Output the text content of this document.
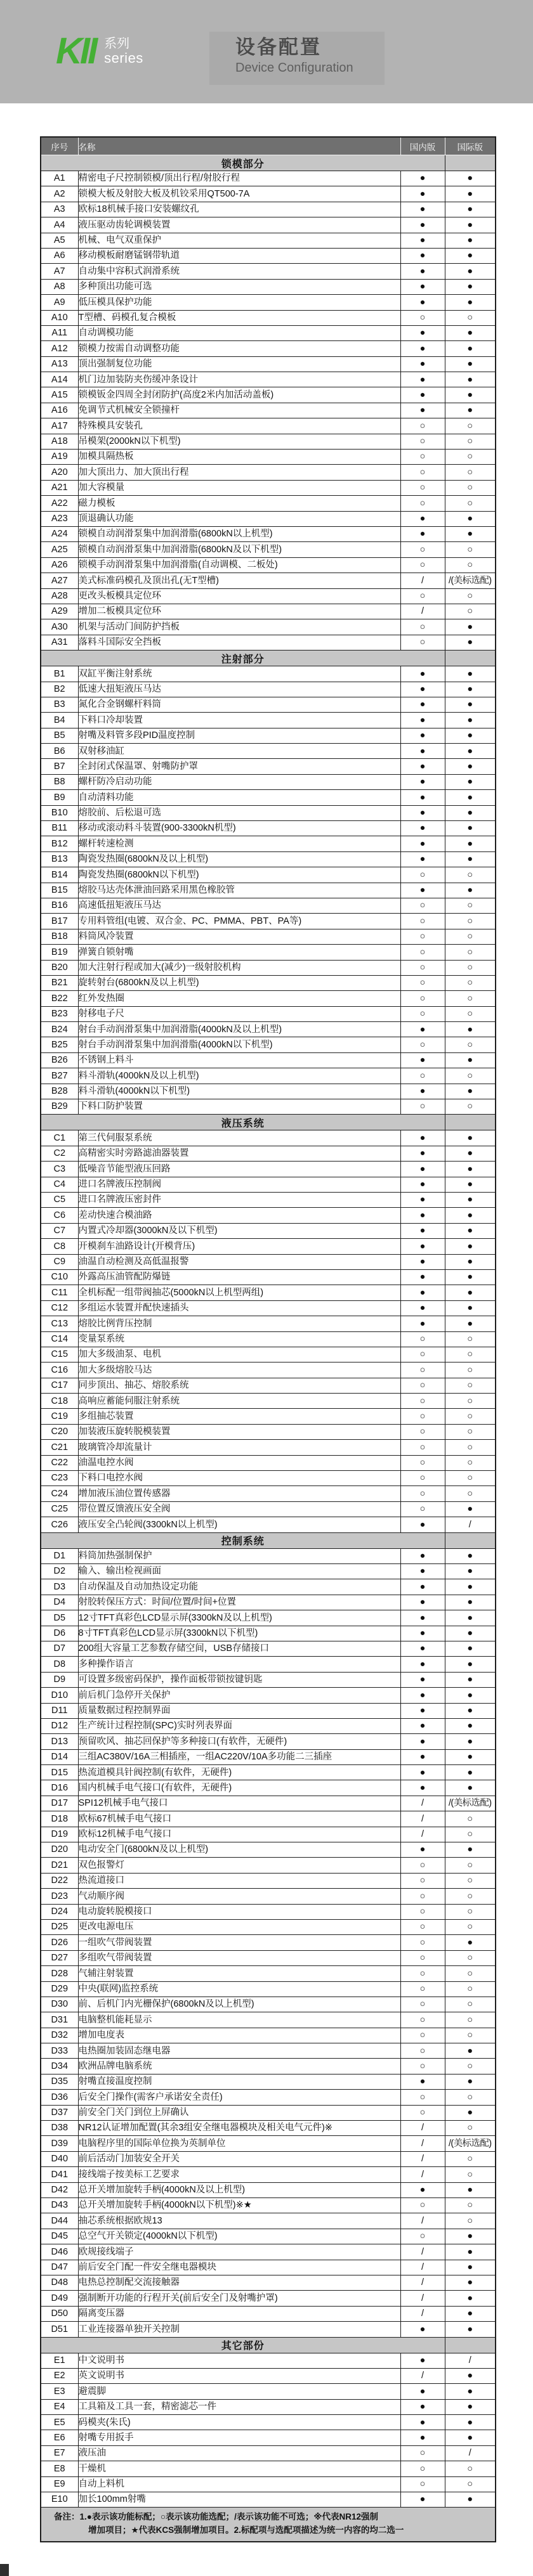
KII 系列
series	设备配置
Device Configuration
序号	名称	国内版	国际版
锁模部分			
A1	精密电子尺控制锁模/顶出行程/射胶行程	●	●
A2	锁模大板及射胶大板及机铰采用QT500-7A	●	●
A3	欧标18机械手接口安装螺纹孔	●	●
A4	液压驱动齿轮调模装置	●	●
A5	机械、电气双重保护	●	●
A6	移动模板耐磨锰钢带轨道	●	●
A7	自动集中容积式润滑系统	●	●
A8	多种顶出功能可选	●	●
A9	低压模具保护功能	●	●
A10	T型槽、码模孔复合模板	○	○
A11	自动调模功能	●	●
A12	锁模力按需自动调整功能	●	●
A13	顶出强制复位功能	●	●
A14	机门边加装防夹伤缓冲条设计	●	●
A15	锁模钣金四周全封闭防护(高度2米内加活动盖板)	●	●
A16	免调节式机械安全锁撞杆	●	●
A17	特殊模具安装孔	○	○
A18	吊模架(2000kN以下机型)	○	○
A19	加模具隔热板	○	○
A20	加大顶出力、加大顶出行程	○	○
A21	加大容模量	○	○
A22	磁力模板	○	○
A23	顶退确认功能	●	●
A24	锁模自动润滑泵集中加润滑脂(6800kN以上机型)	●	●
A25	锁模自动润滑泵集中加润滑脂(6800kN及以下机型)	○	○
A26	锁模手动润滑泵集中加润滑脂(自动调模、二板处)	○	○
A27	美式标准码模孔及顶出孔(无T型槽)	/	/(美标选配)
A28	更改头板模具定位环	○	○
A29	增加二板模具定位环	/	○
A30	机架与活动门间防护挡板	○	●
A31	落料斗国际安全挡板	○	●
注射部分			
B1	双缸平衡注射系统	●	●
B2	低速大扭矩液压马达	●	●
B3	氮化合金钢螺杆料筒	●	●
B4	下料口冷却装置	●	●
B5	射嘴及料管多段PID温度控制	●	●
B6	双射移油缸	●	●
B7	全封闭式保温罩、射嘴防护罩	●	●
B8	螺杆防冷启动功能	●	●
B9	自动清料功能	●	●
B10	熔胶前、后松退可选	●	●
B11	移动或滚动料斗装置(900-3300kN机型)	●	●
B12	螺杆转速检测	●	●
B13	陶瓷发热圈(6800kN及以上机型)	●	●
B14	陶瓷发热圈(6800kN以下机型)	○	○
B15	熔胶马达壳体泄油回路采用黑色橡胶管	●	●
B16	高速低扭矩液压马达	○	○
B17	专用料管组(电镀、双合金、PC、PMMA、PBT、PA等)	○	○
B18	料筒风冷装置	○	○
B19	弹簧自锁射嘴	○	○
B20	加大注射行程或加大(减少)一级射胶机构	○	○
B21	旋转射台(6800kN及以上机型)	○	○
B22	红外发热圈	○	○
B23	射移电子尺	○	○
B24	射台手动润滑泵集中加润滑脂(4000kN及以上机型)	●	●
B25	射台手动润滑泵集中加润滑脂(4000kN以下机型)	○	○
B26	不锈钢上料斗	●	●
B27	料斗滑轨(4000kN及以上机型)	○	○
B28	料斗滑轨(4000kN以下机型)	●	●
B29	下料口防护装置	○	○
液压系统			
C1	第三代伺服泵系统	●	●
C2	高精密实时旁路滤油器装置	●	●
C3	低噪音节能型液压回路	●	●
C4	进口名牌液压控制阀	●	●
C5	进口名牌液压密封件	●	●
C6	差动快速合模油路	●	●
C7	内置式冷却器(3000kN及以下机型)	●	●
C8	开模刹车油路设计(开模背压)	●	●
C9	油温自动检测及高低温报警	●	●
C10	外露高压油管配防爆链	●	●
C11	全机标配一组带阀抽芯(5000kN以上机型两组)	●	●
C12	多组运水装置并配快速插头	●	●
C13	熔胶比例背压控制	●	●
C14	变量泵系统	○	○
C15	加大多级油泵、电机	○	○
C16	加大多级熔胶马达	○	○
C17	同步顶出、抽芯、熔胶系统	○	○
C18	高响应蓄能伺服注射系统	○	○
C19	多组抽芯装置	○	○
C20	加装液压旋转脱模装置	○	○
C21	玻璃管冷却流量计	○	○
C22	油温电控水阀	○	○
C23	下料口电控水阀	○	○
C24	增加液压油位置传感器	○	○
C25	带位置反馈液压安全阀	○	●
C26	液压安全凸轮阀(3300kN以上机型)	●	/
控制系统			
D1	料筒加热强制保护	●	●
D2	输入、输出检视画面	●	●
D3	自动保温及自动加热设定功能	●	●
D4	射胶转保压方式：时间/位置/时间+位置	●	●
D5	12寸TFT真彩色LCD显示屏(3300kN及以上机型)	●	●
D6	8寸TFT真彩色LCD显示屏(3300kN以下机型)	●	●
D7	200组大容量工艺参数存储空间，USB存储接口	●	●
D8	多种操作语言	●	●
D9	可设置多级密码保护，操作面板带锁按键钥匙	●	●
D10	前后机门急停开关保护	●	●
D11	质量数据过程控制界面	●	●
D12	生产统计过程控制(SPC)实时列表界面	●	●
D13	预留吹风、抽芯回保护等多种接口(有软件，无硬件)	●	●
D14	三组AC380V/16A三相插座，一组AC220V/10A多功能二三插座	●	●
D15	热流道模具针阀控制(有软件，无硬件)	●	●
D16	国内机械手电气接口(有软件，无硬件)	●	●
D17	SPI12机械手电气接口	/	/(美标选配)
D18	欧标67机械手电气接口	/	○
D19	欧标12机械手电气接口	/	○
D20	电动安全门(6800kN及以上机型)	●	●
D21	双色报警灯	○	○
D22	热流道接口	○	○
D23	气动顺序阀	○	○
D24	电动旋转脱模接口	○	○
D25	更改电源电压	○	○
D26	一组吹气带阀装置	○	●
D27	多组吹气带阀装置	○	○
D28	气辅注射装置	○	○
D29	中央(联网)监控系统	○	○
D30	前、后机门内光栅保护(6800kN及以上机型)	○	○
D31	电脑整机能耗显示	○	○
D32	增加电度表	○	○
D33	电热圈加装固态继电器	○	●
D34	欧洲品牌电脑系统	○	○
D35	射嘴直接温度控制	●	●
D36	后安全门操作(需客户承诺安全责任)	○	○
D37	前安全门关门到位上屏确认	○	●
D38	NR12认证增加配置(其余3组安全继电器模块及相关电气元件)※	/	○
D39	电脑程序里的国际单位换为英制单位	/	/(美标选配)
D40	前后活动门加装安全开关	/	○
D41	接线端子按美标工艺要求	/	○
D42	总开关增加旋转手柄(4000kN及以上机型)	●	●
D43	总开关增加旋转手柄(4000kN以下机型)※★	○	○
D44	抽芯系统根据欧规13	/	○
D45	总空气开关锁定(4000kN以下机型)	○	●
D46	欧规接线端子	/	●
D47	前后安全门配一件安全继电器模块	/	●
D48	电热总控制配交流接触器	/	●
D49	强制断开功能的行程开关(前后安全门及射嘴护罩)	/	●
D50	隔离变压器	/	●
D51	工业连接器单独开关控制	●	●
其它部份			
E1	中文说明书	●	/
E2	英文说明书	/	●
E3	避震脚	●	●
E4	工具箱及工具一套，精密滤芯一件	●	●
E5	码模夹(朱氏)	●	●
E6	射嘴专用扳手	●	●
E7	液压油	○	/
E8	干燥机	○	○
E9	自动上料机	○	○
E10	加长100mm射嘴	●	●

备注：1.●表示该功能标配；○表示该功能选配；/表示该功能不可选；※代表NR12强制
增加项目；★代表KCS强制增加项目。2.标配项与选配项描述为统一内容的均二选一			
